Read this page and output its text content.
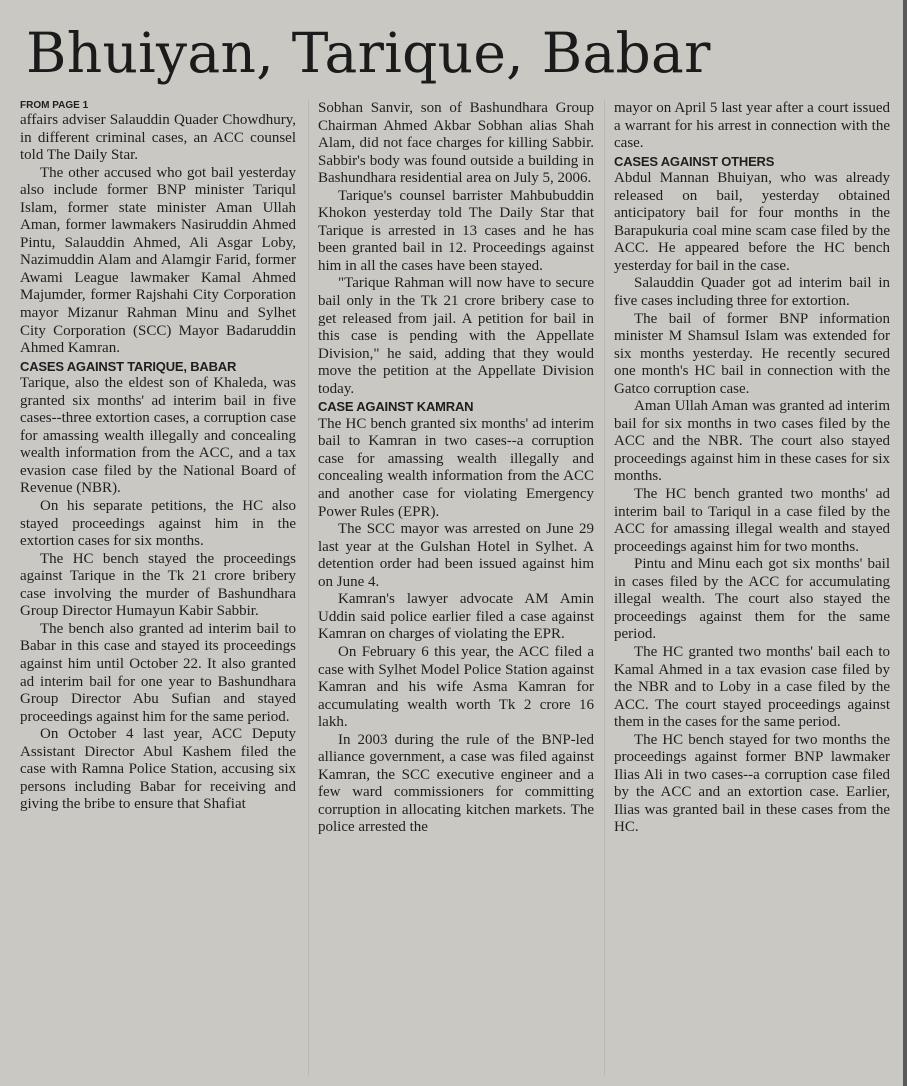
Bhuiyan, Tarique, Babar

FROM PAGE 1

affairs adviser Salauddin Quader Chowdhury, in different criminal cases, an ACC counsel told The Daily Star.

The other accused who got bail yesterday also include former BNP minister Tariqul Islam, former state minister Aman Ullah Aman, former lawmakers Nasiruddin Ahmed Pintu, Salauddin Ahmed, Ali Asgar Loby, Nazimuddin Alam and Alamgir Farid, former Awami League lawmaker Kamal Ahmed Majumder, former Rajshahi City Corporation mayor Mizanur Rahman Minu and Sylhet City Corporation (SCC) Mayor Badaruddin Ahmed Kamran.

CASES AGAINST TARIQUE, BABAR

Tarique, also the eldest son of Khaleda, was granted six months' ad interim bail in five cases--three extortion cases, a corruption case for amassing wealth illegally and concealing wealth information from the ACC, and a tax evasion case filed by the National Board of Revenue (NBR).

On his separate petitions, the HC also stayed proceedings against him in the extortion cases for six months.

The HC bench stayed the proceedings against Tarique in the Tk 21 crore bribery case involving the murder of Bashundhara Group Director Humayun Kabir Sabbir.

The bench also granted ad interim bail to Babar in this case and stayed its proceedings against him until October 22. It also granted ad interim bail for one year to Bashundhara Group Director Abu Sufian and stayed proceedings against him for the same period.

On October 4 last year, ACC Deputy Assistant Director Abul Kashem filed the case with Ramna Police Station, accusing six persons including Babar for receiving and giving the bribe to ensure that Shafiat

Sobhan Sanvir, son of Bashundhara Group Chairman Ahmed Akbar Sobhan alias Shah Alam, did not face charges for killing Sabbir. Sabbir's body was found outside a building in Bashundhara residential area on July 5, 2006.

Tarique's counsel barrister Mahbubuddin Khokon yesterday told The Daily Star that Tarique is arrested in 13 cases and he has been granted bail in 12. Proceedings against him in all the cases have been stayed.

"Tarique Rahman will now have to secure bail only in the Tk 21 crore bribery case to get released from jail. A petition for bail in this case is pending with the Appellate Division," he said, adding that they would move the petition at the Appellate Division today.

CASE AGAINST KAMRAN

The HC bench granted six months' ad interim bail to Kamran in two cases--a corruption case for amassing wealth illegally and concealing wealth information from the ACC and another case for violating Emergency Power Rules (EPR).

The SCC mayor was arrested on June 29 last year at the Gulshan Hotel in Sylhet. A detention order had been issued against him on June 4.

Kamran's lawyer advocate AM Amin Uddin said police earlier filed a case against Kamran on charges of violating the EPR.

On February 6 this year, the ACC filed a case with Sylhet Model Police Station against Kamran and his wife Asma Kamran for accumulating wealth worth Tk 2 crore 16 lakh.

In 2003 during the rule of the BNP-led alliance government, a case was filed against Kamran, the SCC executive engineer and a few ward commissioners for committing corruption in allocating kitchen markets. The police arrested the

mayor on April 5 last year after a court issued a warrant for his arrest in connection with the case.

CASES AGAINST OTHERS

Abdul Mannan Bhuiyan, who was already released on bail, yesterday obtained anticipatory bail for four months in the Barapukuria coal mine scam case filed by the ACC. He appeared before the HC bench yesterday for bail in the case.

Salauddin Quader got ad interim bail in five cases including three for extortion.

The bail of former BNP information minister M Shamsul Islam was extended for six months yesterday. He recently secured one month's HC bail in connection with the Gatco corruption case.

Aman Ullah Aman was granted ad interim bail for six months in two cases filed by the ACC and the NBR. The court also stayed proceedings against him in these cases for six months.

The HC bench granted two months' ad interim bail to Tariqul in a case filed by the ACC for amassing illegal wealth and stayed proceedings against him for two months.

Pintu and Minu each got six months' bail in cases filed by the ACC for accumulating illegal wealth. The court also stayed the proceedings against them for the same period.

The HC granted two months' bail each to Kamal Ahmed in a tax evasion case filed by the NBR and to Loby in a case filed by the ACC. The court stayed proceedings against them in the cases for the same period.

The HC bench stayed for two months the proceedings against former BNP lawmaker Ilias Ali in two cases--a corruption case filed by the ACC and an extortion case. Earlier, Ilias was granted bail in these cases from the HC.
